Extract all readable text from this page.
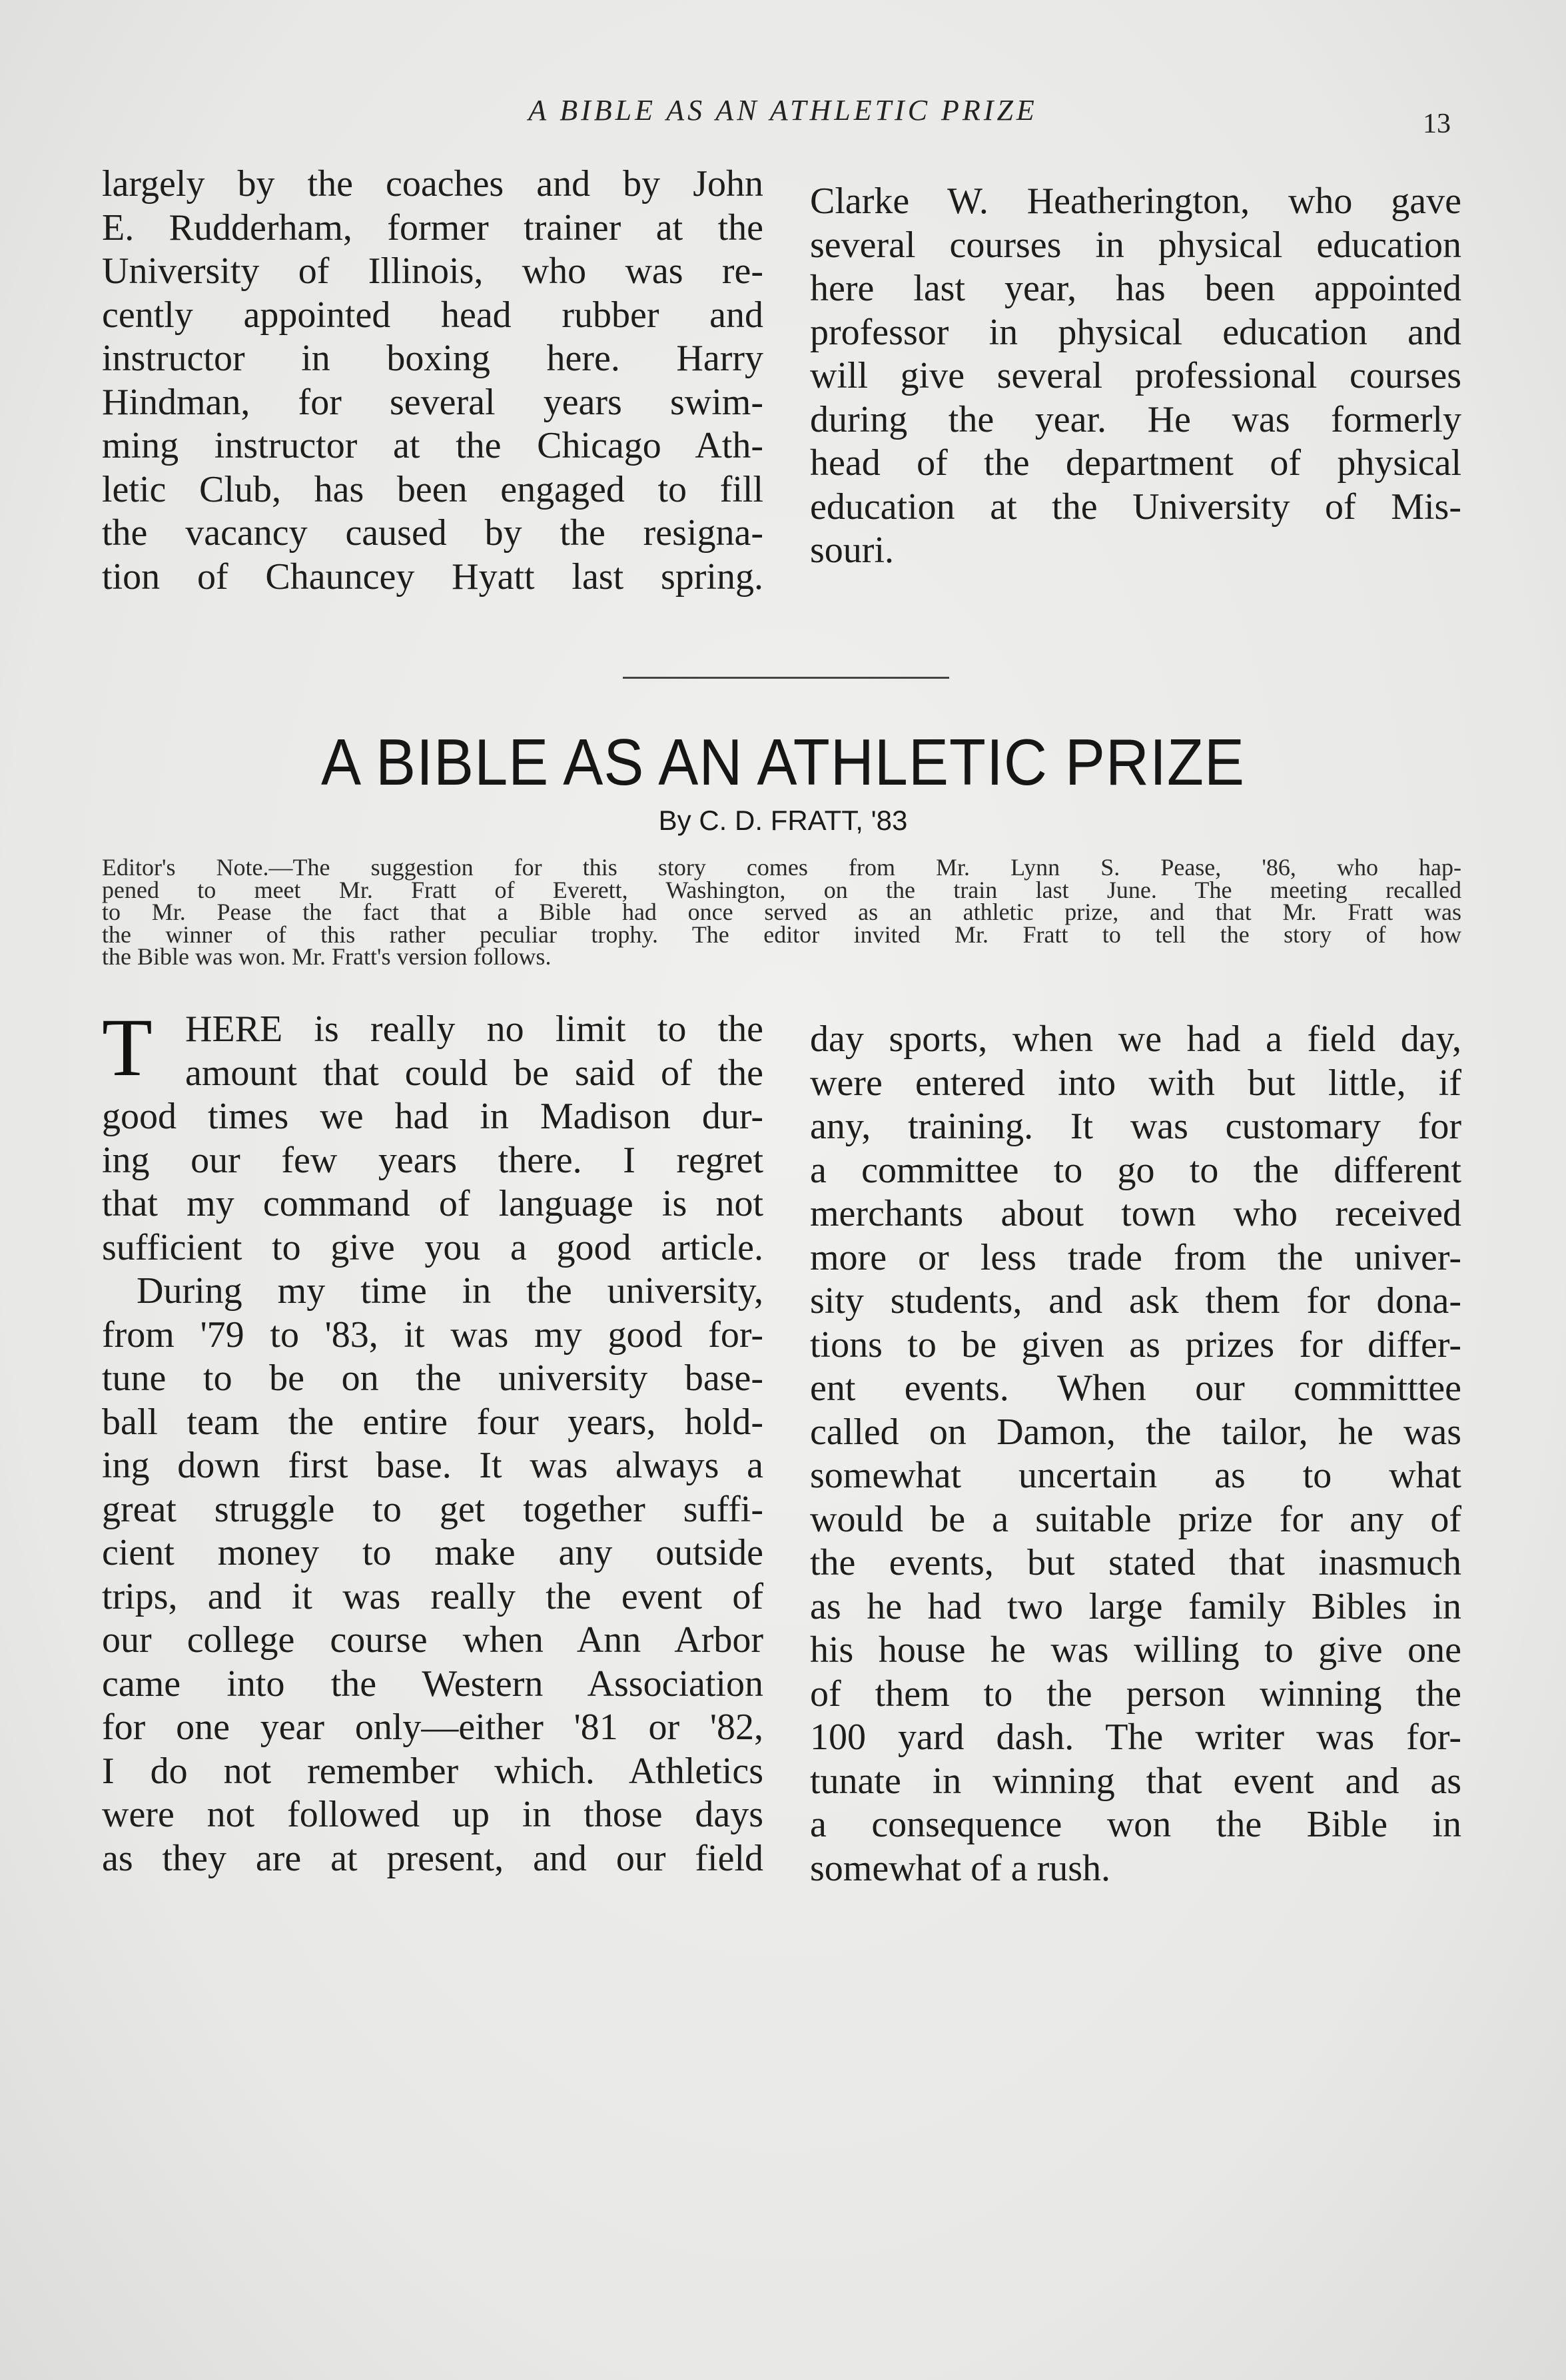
A BIBLE AS AN ATHLETIC PRIZE	13
largely by the coaches and by John
E. Rudderham, former trainer at the
University of Illinois, who was re-
cently appointed head rubber and
instructor in boxing here. Harry
Hindman, for several years swim-
ming instructor at the Chicago Ath-
letic Club, has been engaged to fill
the vacancy caused by the resigna-
tion of Chauncey Hyatt last spring.
Clarke W. Heatherington, who gave
several courses in physical education
here last year, has been appointed
professor in physical education and
will give several professional courses
during the year. He was formerly
head of the department of physical
education at the University of Mis-
souri.
A BIBLE AS AN ATHLETIC PRIZE
By C. D. FRATT, '83
Editor's Note.—The suggestion for this story comes from Mr. Lynn S. Pease, '86, who hap-
pened to meet Mr. Fratt of Everett, Washington, on the train last June. The meeting recalled
to Mr. Pease the fact that a Bible had once served as an athletic prize, and that Mr. Fratt was
the winner of this rather peculiar trophy. The editor invited Mr. Fratt to tell the story of how
the Bible was won. Mr. Fratt's version follows.
T HERE is really no limit to the
amount that could be said of the
good times we had in Madison dur-
ing our few years there. I regret
that my command of language is not
sufficient to give you a good article.
During my time in the university,
from '79 to '83, it was my good for-
tune to be on the university base-
ball team the entire four years, hold-
ing down first base. It was always a
great struggle to get together suffi-
cient money to make any outside
trips, and it was really the event of
our college course when Ann Arbor
came into the Western Association
for one year only—either '81 or '82,
I do not remember which. Athletics
were not followed up in those days
as they are at present, and our field
day sports, when we had a field day,
were entered into with but little, if
any, training. It was customary for
a committee to go to the different
merchants about town who received
more or less trade from the univer-
sity students, and ask them for dona-
tions to be given as prizes for differ-
ent events. When our committtee
called on Damon, the tailor, he was
somewhat uncertain as to what
would be a suitable prize for any of
the events, but stated that inasmuch
as he had two large family Bibles in
his house he was willing to give one
of them to the person winning the
100 yard dash. The writer was for-
tunate in winning that event and as
a consequence won the Bible in
somewhat of a rush.
